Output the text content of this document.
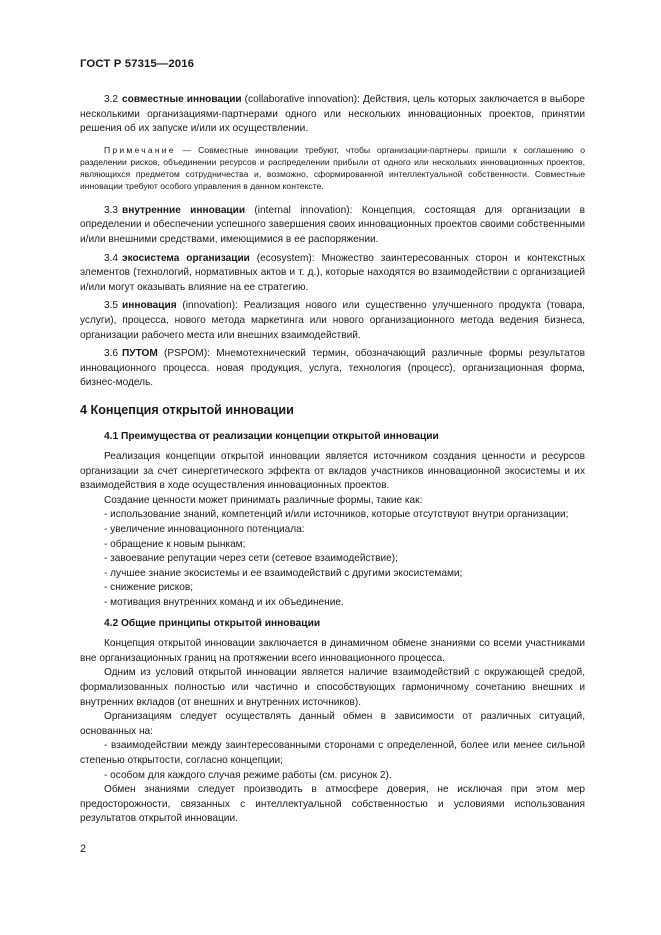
ГОСТ Р 57315—2016

3.2 совместные инновации (collaborative innovation): Действия, цель которых заключается в выборе несколькими организациями-партнерами одного или нескольких инновационных проектов, принятии решения об их запуске и/или их осуществлении.

Примечание — Совместные инновации требуют, чтобы организации-партнеры пришли к соглашению о разделении рисков, объединении ресурсов и распределении прибыли от одного или нескольких инновационных проектов, являющихся предметом сотрудничества и, возможно, сформированной интеллектуальной собственности. Совместные инновации требуют особого управления в данном контексте.

3.3 внутренние инновации (internal innovation): Концепция, состоящая для организации в определении и обеспечении успешного завершения своих инновационных проектов своими собственными и/или внешними средствами, имеющимися в ее распоряжении.

3.4 экосистема организации (ecosystem): Множество заинтересованных сторон и контекстных элементов (технологий, нормативных актов и т. д.), которые находятся во взаимодействии с организацией и/или могут оказывать влияние на ее стратегию.

3.5 инновация (innovation): Реализация нового или существенно улучшенного продукта (товара, услуги), процесса, нового метода маркетинга или нового организационного метода ведения бизнеса, организации рабочего места или внешних взаимодействий.

3.6 ПУТОМ (PSPOM): Мнемотехнический термин, обозначающий различные формы результатов инновационного процесса. новая продукция, услуга, технология (процесс), организационная форма, бизнес-модель.

4 Концепция открытой инновации
4.1 Преимущества от реализации концепции открытой инновации

Реализация концепции открытой инновации является источником создания ценности и ресурсов организации за счет синергетического эффекта от вкладов участников инновационной экосистемы и их взаимодействия в ходе осуществления инновационных проектов.

Создание ценности может принимать различные формы, такие как:

- использование знаний, компетенций и/или источников, которые отсутствуют внутри организации;
- увеличение инновационного потенциала:
- обращение к новым рынкам;
- завоевание репутации через сети (сетевое взаимодействие);
- лучшее знание экосистемы и ее взаимодействий с другими экосистемами;
- снижение рисков;
- мотивация внутренних команд и их объединение.
4.2 Общие принципы открытой инновации

Концепция открытой инновации заключается в динамичном обмене знаниями со всеми участниками вне организационных границ на протяжении всего инновационного процесса.

Одним из условий открытой инновации является наличие взаимодействий с окружающей средой, формализованных полностью или частично и способствующих гармоничному сочетанию внешних и внутренних вкладов (от внешних и внутренних источников).

Организациям следует осуществлять данный обмен в зависимости от различных ситуаций, основанных на:

- взаимодействии между заинтересованными сторонами с определенной, более или менее сильной степенью открытости, согласно концепции;
- особом для каждого случая режиме работы (см. рисунок 2).

Обмен знаниями следует производить в атмосфере доверия, не исключая при этом мер предосторожности, связанных с интеллектуальной собственностью и условиями использования результатов открытой инновации.

2
